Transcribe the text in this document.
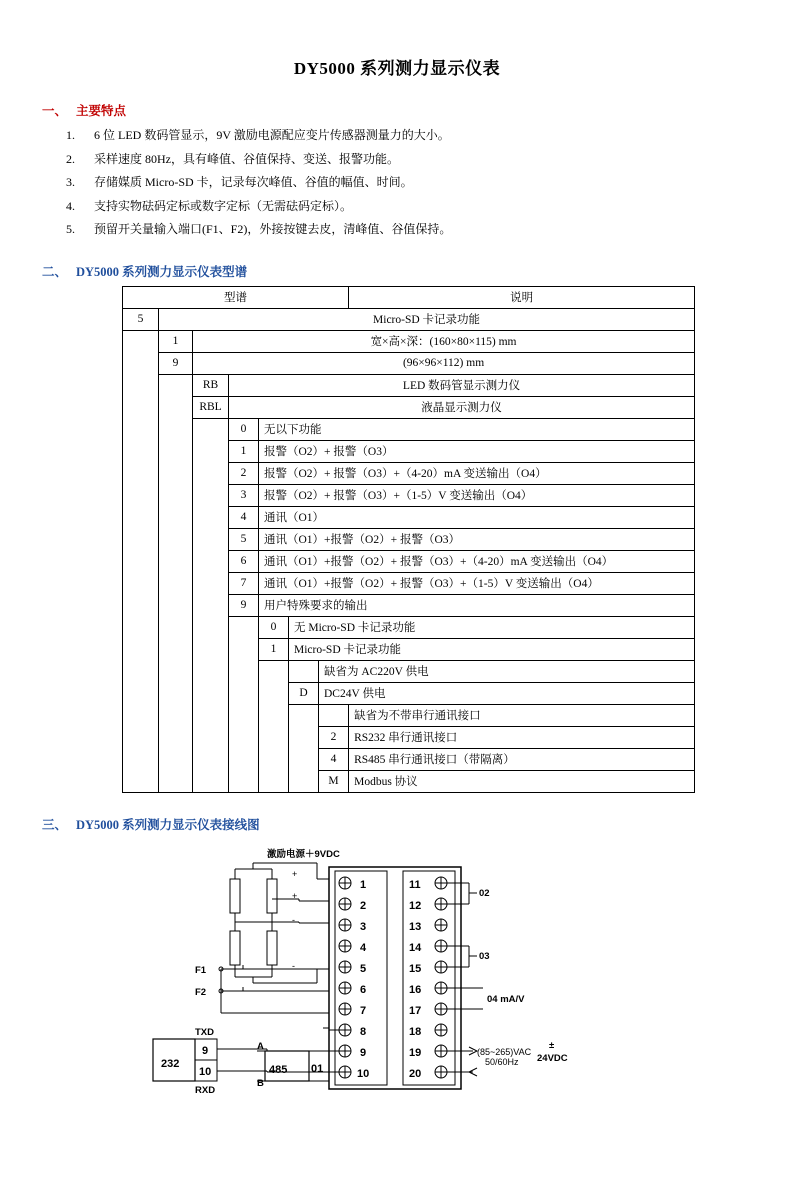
DY5000 系列测力显示仪表
一、 主要特点
1.	6 位 LED 数码管显示，9V 激励电源配应变片传感器测量力的大小。
2.	采样速度 80Hz，具有峰值、谷值保持、变送、报警功能。
3.	存储媒质 Micro-SD 卡，记录每次峰值、谷值的幅值、时间。
4.	支持实物砝码定标或数字定标（无需砝码定标）。
5.	预留开关量输入端口(F1、F2)，外接按键去皮，清峰值、谷值保持。
二、 DY5000 系列测力显示仪表型谱
型谱							说明
5	Micro-SD 卡记录功能						
	1	宽×高×深：(160×80×115) mm					
	9	(96×96×112) mm					
		RB	LED 数码管显示测力仪				
		RBL	液晶显示测力仪				
			0	无以下功能			
			1	报警（O2）+ 报警（O3）			
			2	报警（O2）+ 报警（O3）+（4-20）mA 变送输出（O4）			
			3	报警（O2）+ 报警（O3）+（1-5）V 变送输出（O4）			
			4	通讯（O1）			
			5	通讯（O1）+报警（O2）+ 报警（O3）			
			6	通讯（O1）+报警（O2）+ 报警（O3）+（4-20）mA 变送输出（O4）			
			7	通讯（O1）+报警（O2）+ 报警（O3）+（1-5）V 变送输出（O4）			
			9	用户特殊要求的输出			
				0	无 Micro-SD 卡记录功能		
				1	Micro-SD 卡记录功能		
						缺省为 AC220V 供电	
					D	DC24V 供电	
							缺省为不带串行通讯接口
						2	RS232 串行通讯接口
						4	RS485 串行通讯接口（带隔离）
						M	Modbus 协议
三、 DY5000 系列测力显示仪表接线图
激励电源＋9VDC
+
+
-
-
F1
F2
1
2
3
4
5
6
7
8
9
10
11
12
13
14
15
16
17
18
19
20
02
03
04 mA/V
(85~265)VAC
50/60Hz
±
24VDC
232
9
10
TXD
RXD
485 01
A
B
